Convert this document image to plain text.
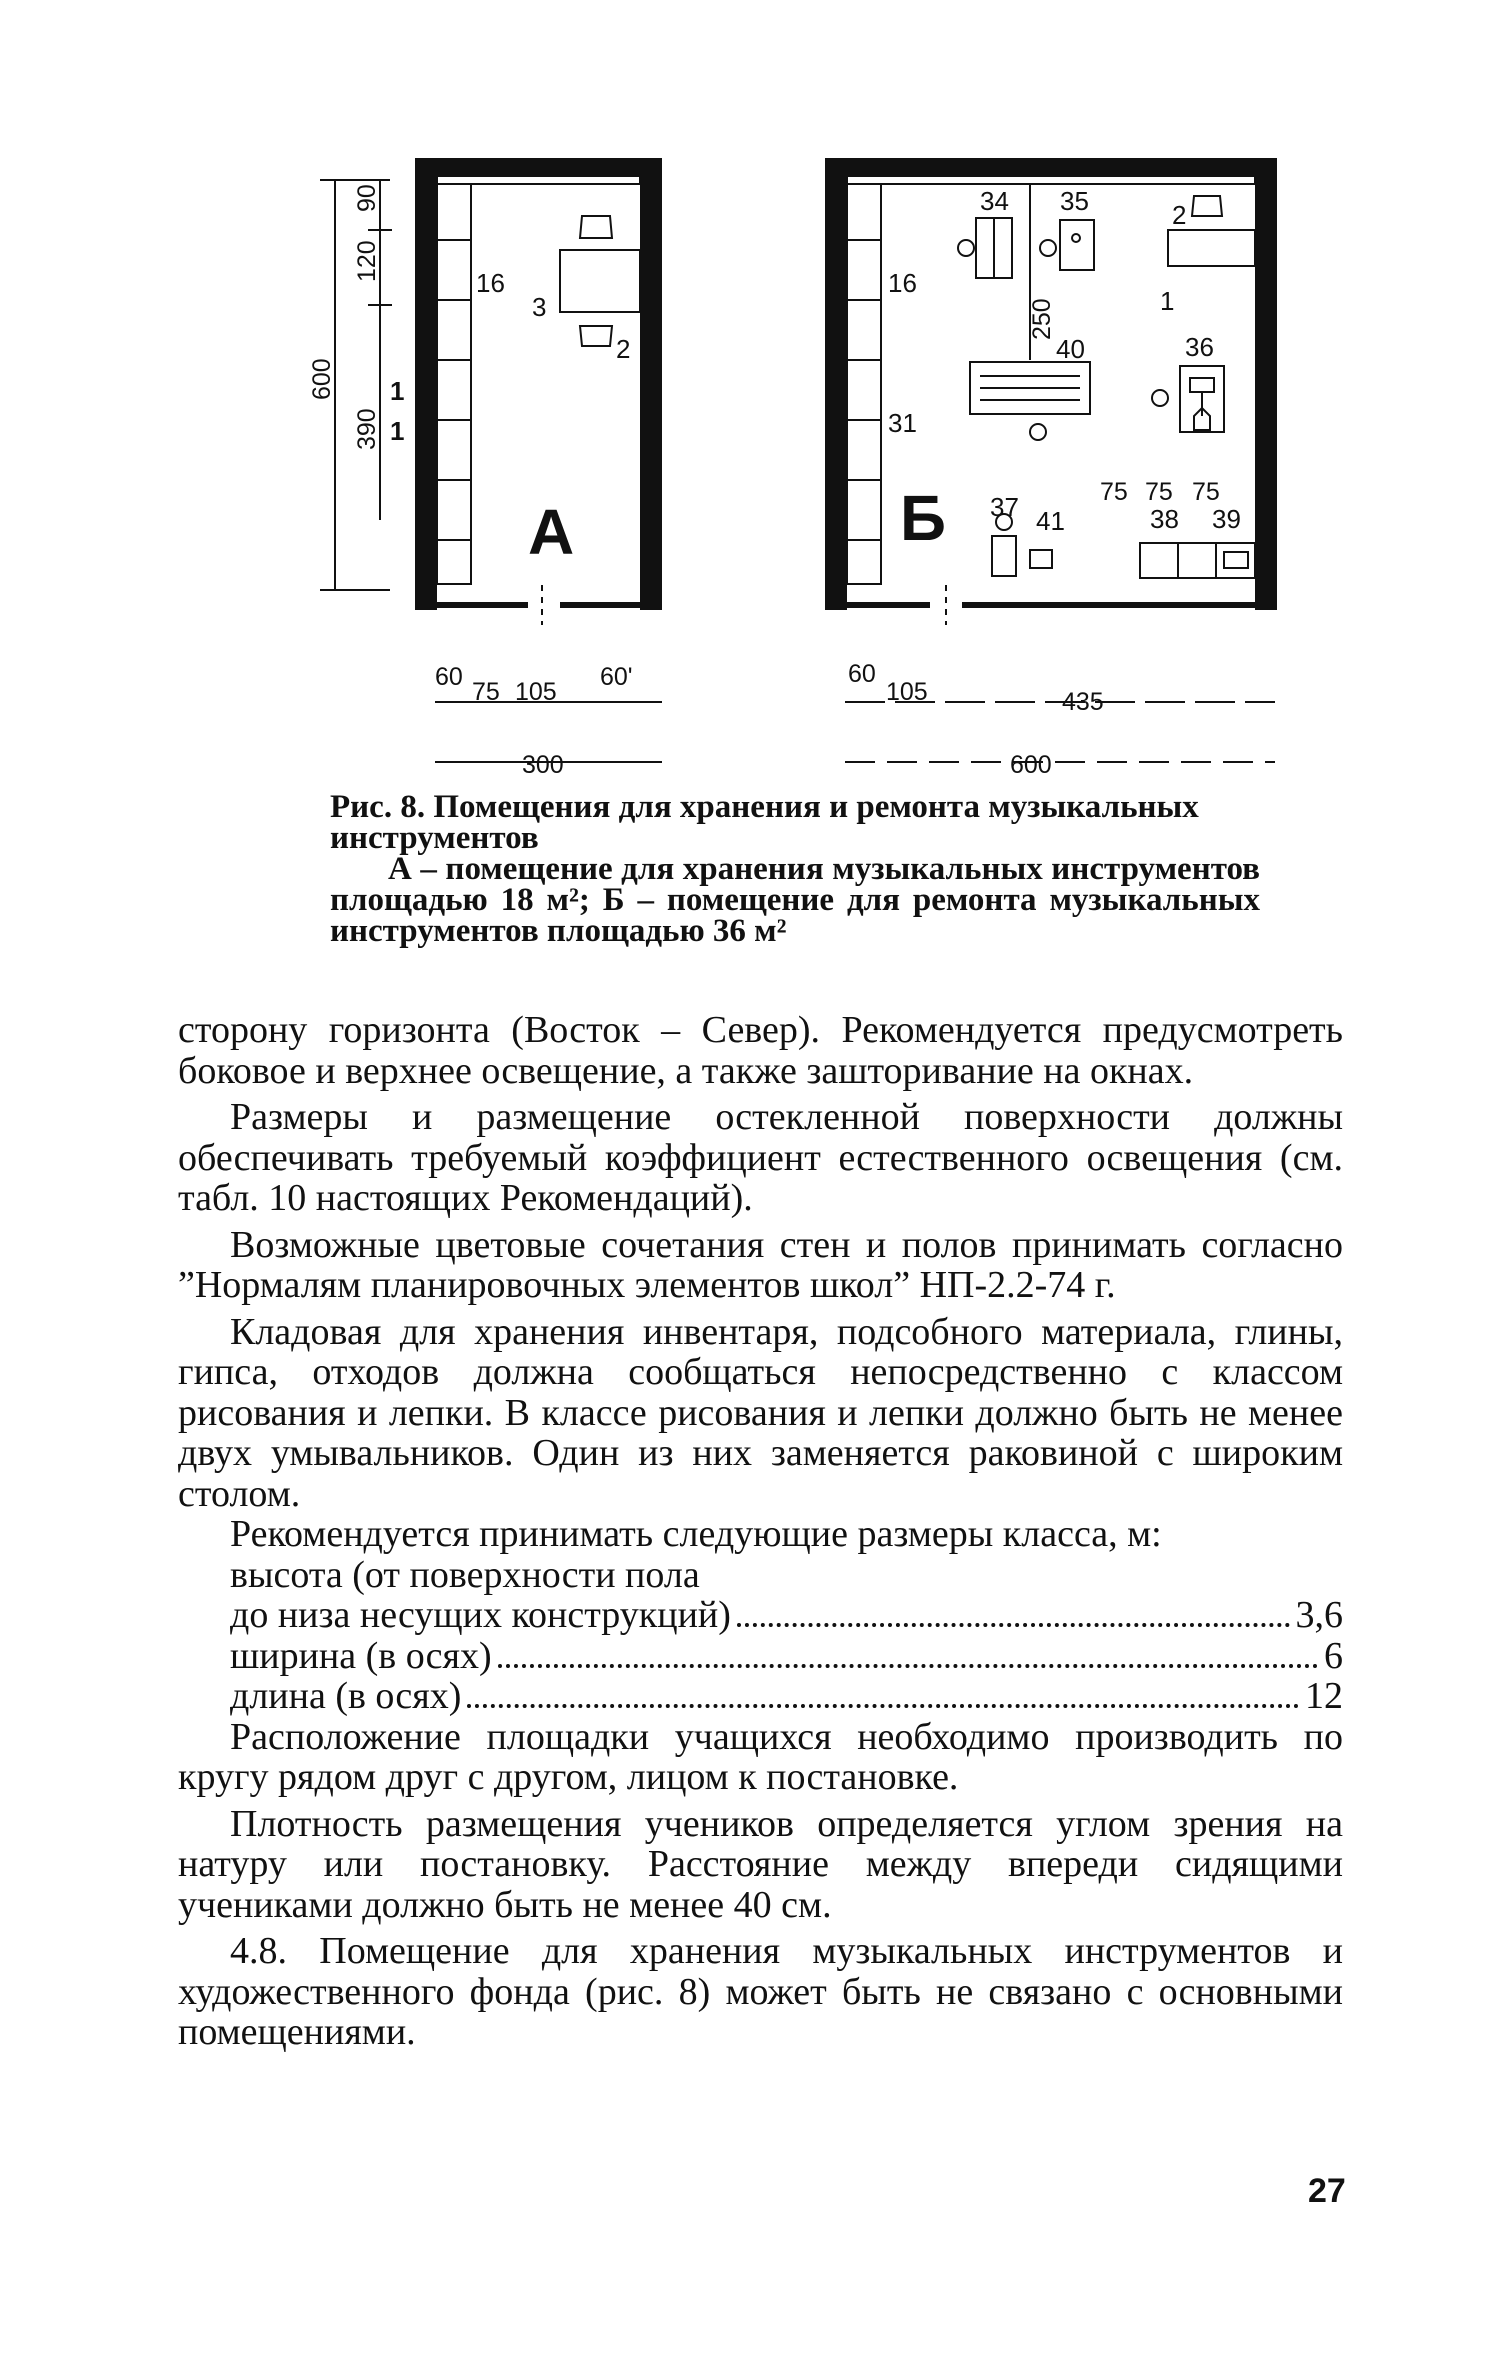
90
120
390
600
16
3
2
1
1
А
60
75 105
60'
300
34 35	2
16
250
40	36
1
31
37 41
75 75 75
38 39
Б
60
105	435
600

Рис. 8. Помещения для хранения и ремонта музыкальных инструментов

А – помещение для хранения музыкальных инструментов площадью 18 м²; Б – помещение для ремонта музыкальных инструментов площадью 36 м²

сторону горизонта (Восток – Север). Рекомендуется предусмотреть боковое и верхнее освещение, а также зашторивание на окнах.

Размеры и размещение остекленной поверхности должны обеспечивать требуемый коэффициент естественного освещения (см. табл. 10 настоящих Рекомендаций).

Возможные цветовые сочетания стен и полов принимать согласно ”Нормалям планировочных элементов школ” НП-2.2-74 г.

Кладовая для хранения инвентаря, подсобного материала, глины, гипса, отходов должна сообщаться непосредственно с классом рисования и лепки. В классе рисования и лепки должно быть не менее двух умывальников. Один из них заменяется раковиной с широким столом.

Рекомендуется принимать следующие размеры класса, м:

высота (от поверхности пола

до низа несущих конструкций)	3,6
ширина (в осях)	6
длина (в осях)	12

Расположение площадки учащихся необходимо производить по кругу рядом друг с другом, лицом к постановке.

Плотность размещения учеников определяется углом зрения на натуру или постановку. Расстояние между впереди сидящими учениками должно быть не менее 40 см.

4.8. Помещение для хранения музыкальных инструментов и художественного фонда (рис. 8) может быть не связано с основными помещениями.

27
